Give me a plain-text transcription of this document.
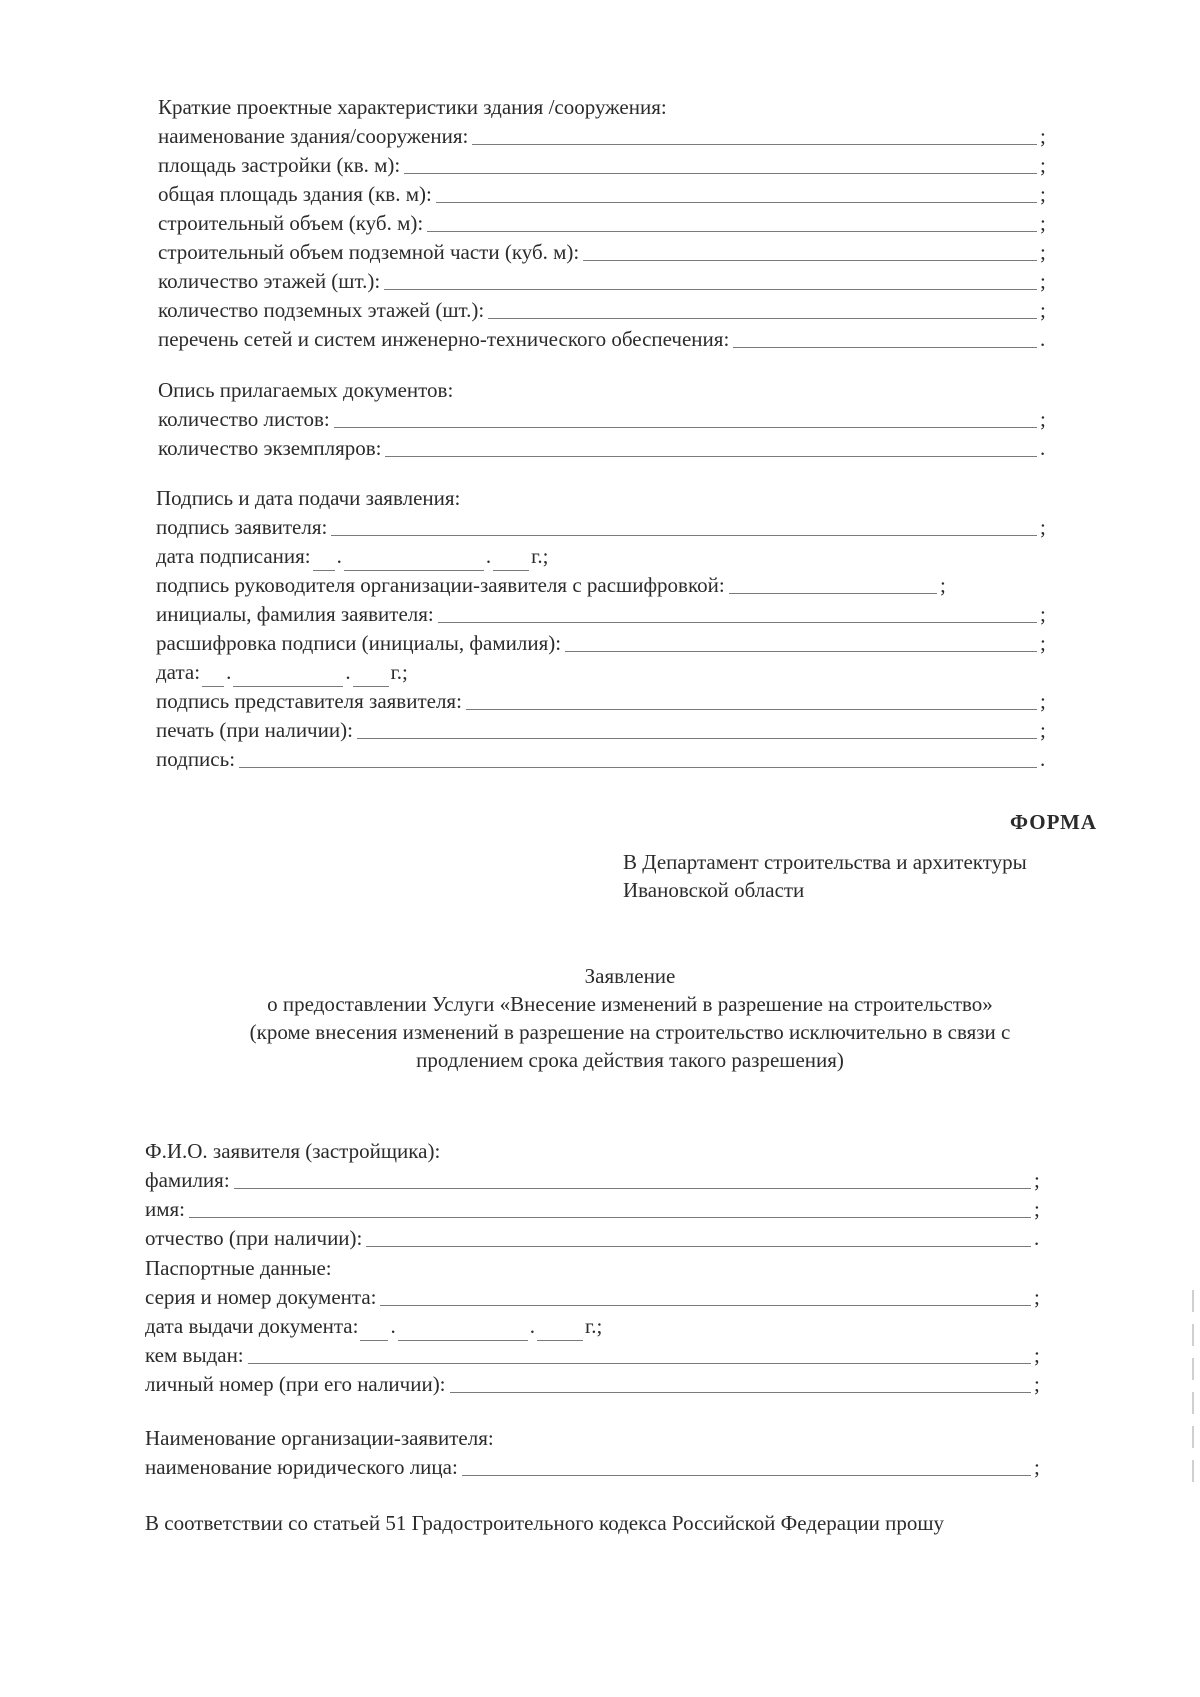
Краткие проектные характеристики здания /сооружения:
наименование здания/сооружения:	;
площадь застройки (кв. м):	;
общая площадь здания (кв. м):	;
строительный объем (куб. м):	;
строительный объем подземной части (куб. м):	;
количество этажей (шт.):	;
количество подземных этажей (шт.):	;
перечень сетей и систем инженерно-технического обеспечения:	.
Опись прилагаемых документов:
количество листов:	;
количество экземпляров:	.
Подпись и дата подачи заявления:
подпись заявителя:	;
дата подписания: .	. г.;
подпись руководителя организации-заявителя с расшифровкой:	;
инициалы, фамилия заявителя:	;
расшифровка подписи (инициалы, фамилия):	;
дата: .	. г.;
подпись представителя заявителя:	;
печать (при наличии):	;
подпись:	.
ФОРМА
В Департамент строительства и архитектуры
Ивановской области
Заявление
о предоставлении Услуги «Внесение изменений в разрешение на строительство»
(кроме внесения изменений в разрешение на строительство исключительно в связи с
продлением срока действия такого разрешения)
Ф.И.О. заявителя (застройщика):
фамилия:	;
имя:	;
отчество (при наличии):	.
Паспортные данные:
серия и номер документа:	;
дата выдачи документа: .	. г.;
кем выдан:	;
личный номер (при его наличии):	;
Наименование организации-заявителя:
наименование юридического лица:	;
В соответствии со статьей 51 Градостроительного кодекса Российской Федерации прошу
